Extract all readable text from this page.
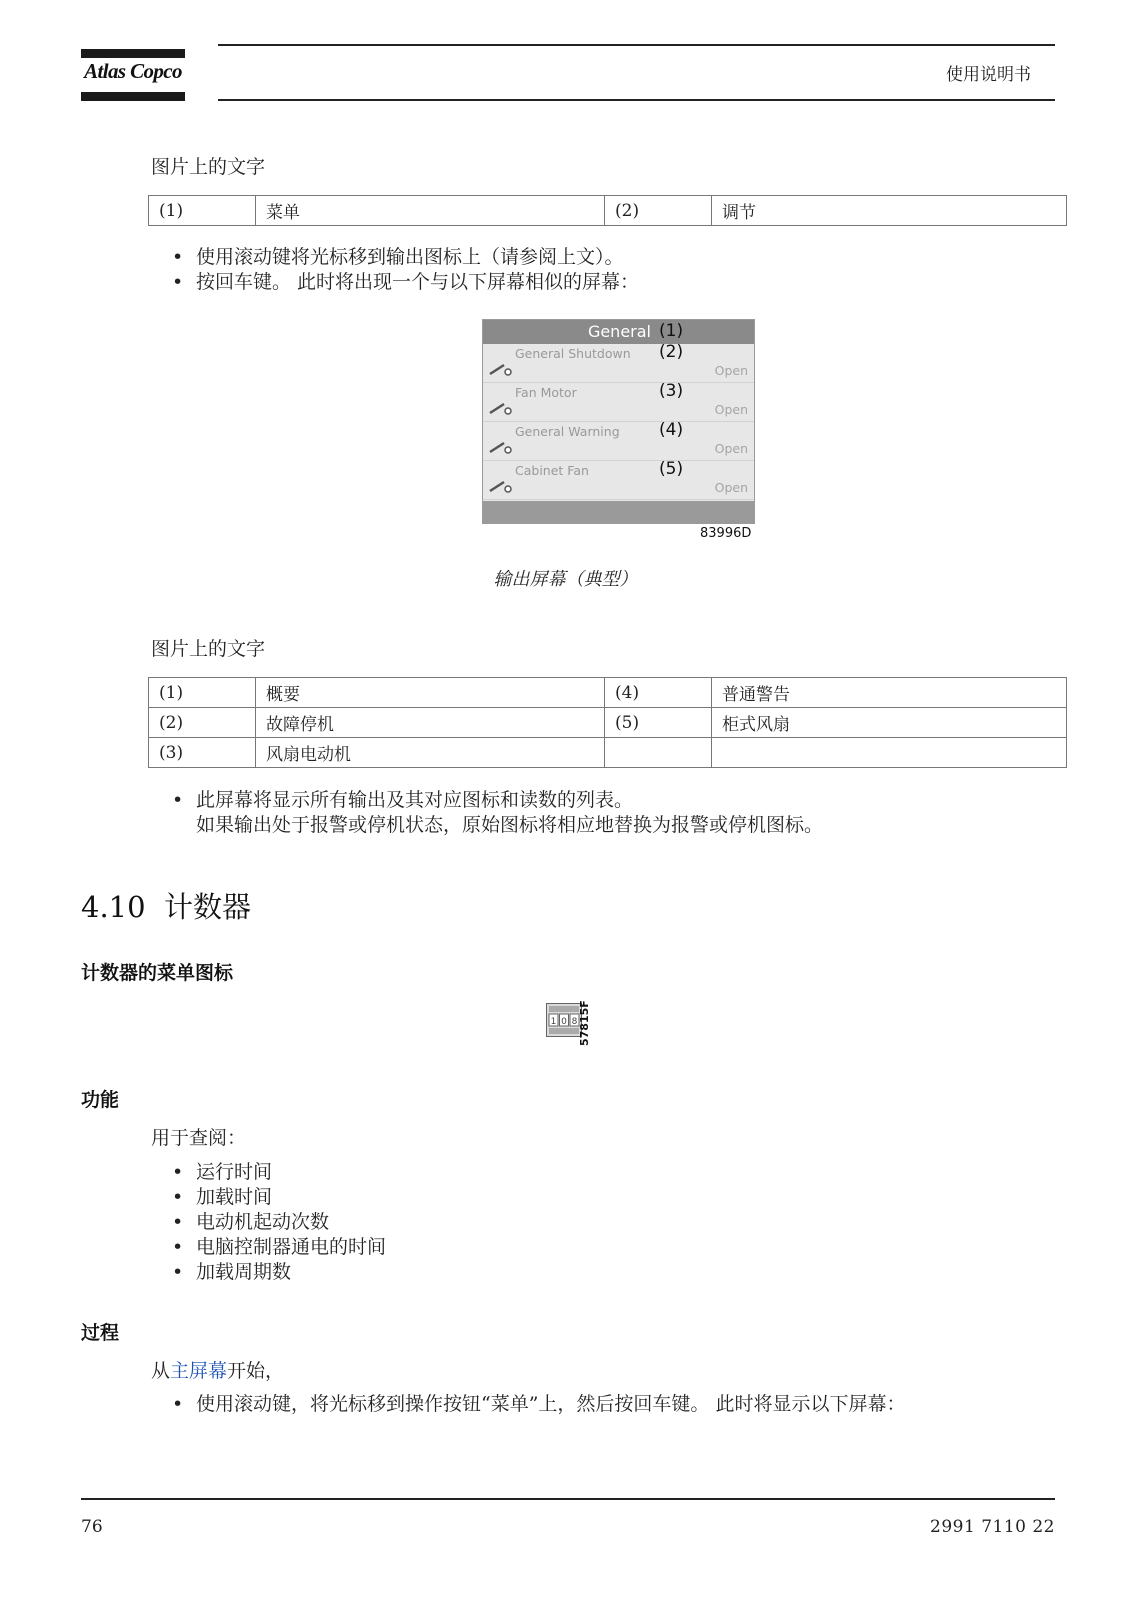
Atlas Copco	使用说明书
图片上的文字
(1)	菜单	(2)	调节
• 使用滚动键将光标移到输出图标上（请参阅上文）。
• 按回车键。 此时将出现一个与以下屏幕相似的屏幕：
General (1)
General Shutdown (2)
Open
Fan Motor	(3)
Open
General Warning (4)
Open
Cabinet Fan	(5)
Open
83996D
输出屏幕（典型）
图片上的文字
(1)	概要	(4)	普通警告
(2)	故障停机	(5)	柜式风扇
(3)	风扇电动机		
• 此屏幕将显示所有输出及其对应图标和读数的列表。
如果输出处于报警或停机状态，原始图标将相应地替换为报警或停机图标。
4.10 计数器
计数器的菜单图标
1 0 8 57815F
功能
用于查阅：
• 运行时间
• 加载时间
• 电动机起动次数
• 电脑控制器通电的时间
• 加载周期数
过程
从主屏幕开始，
• 使用滚动键，将光标移到操作按钮“菜单”上，然后按回车键。 此时将显示以下屏幕：
76	2991 7110 22
